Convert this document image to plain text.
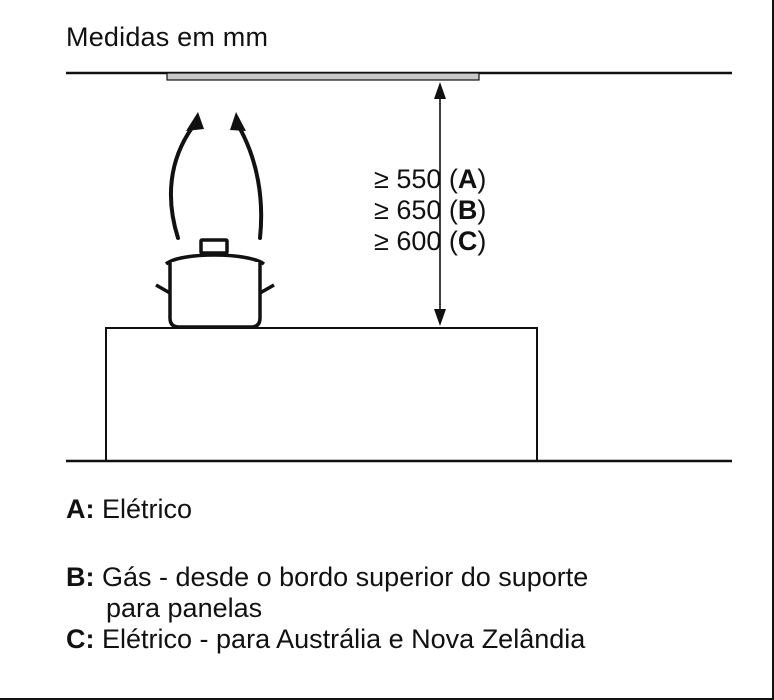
Medidas em mm
≥ 550 (A)
≥ 650 (B)
≥ 600 (C)
A: Elétrico
B: Gás - desde o bordo superior do suporte
para panelas
C: Elétrico - para Austrália e Nova Zelândia
